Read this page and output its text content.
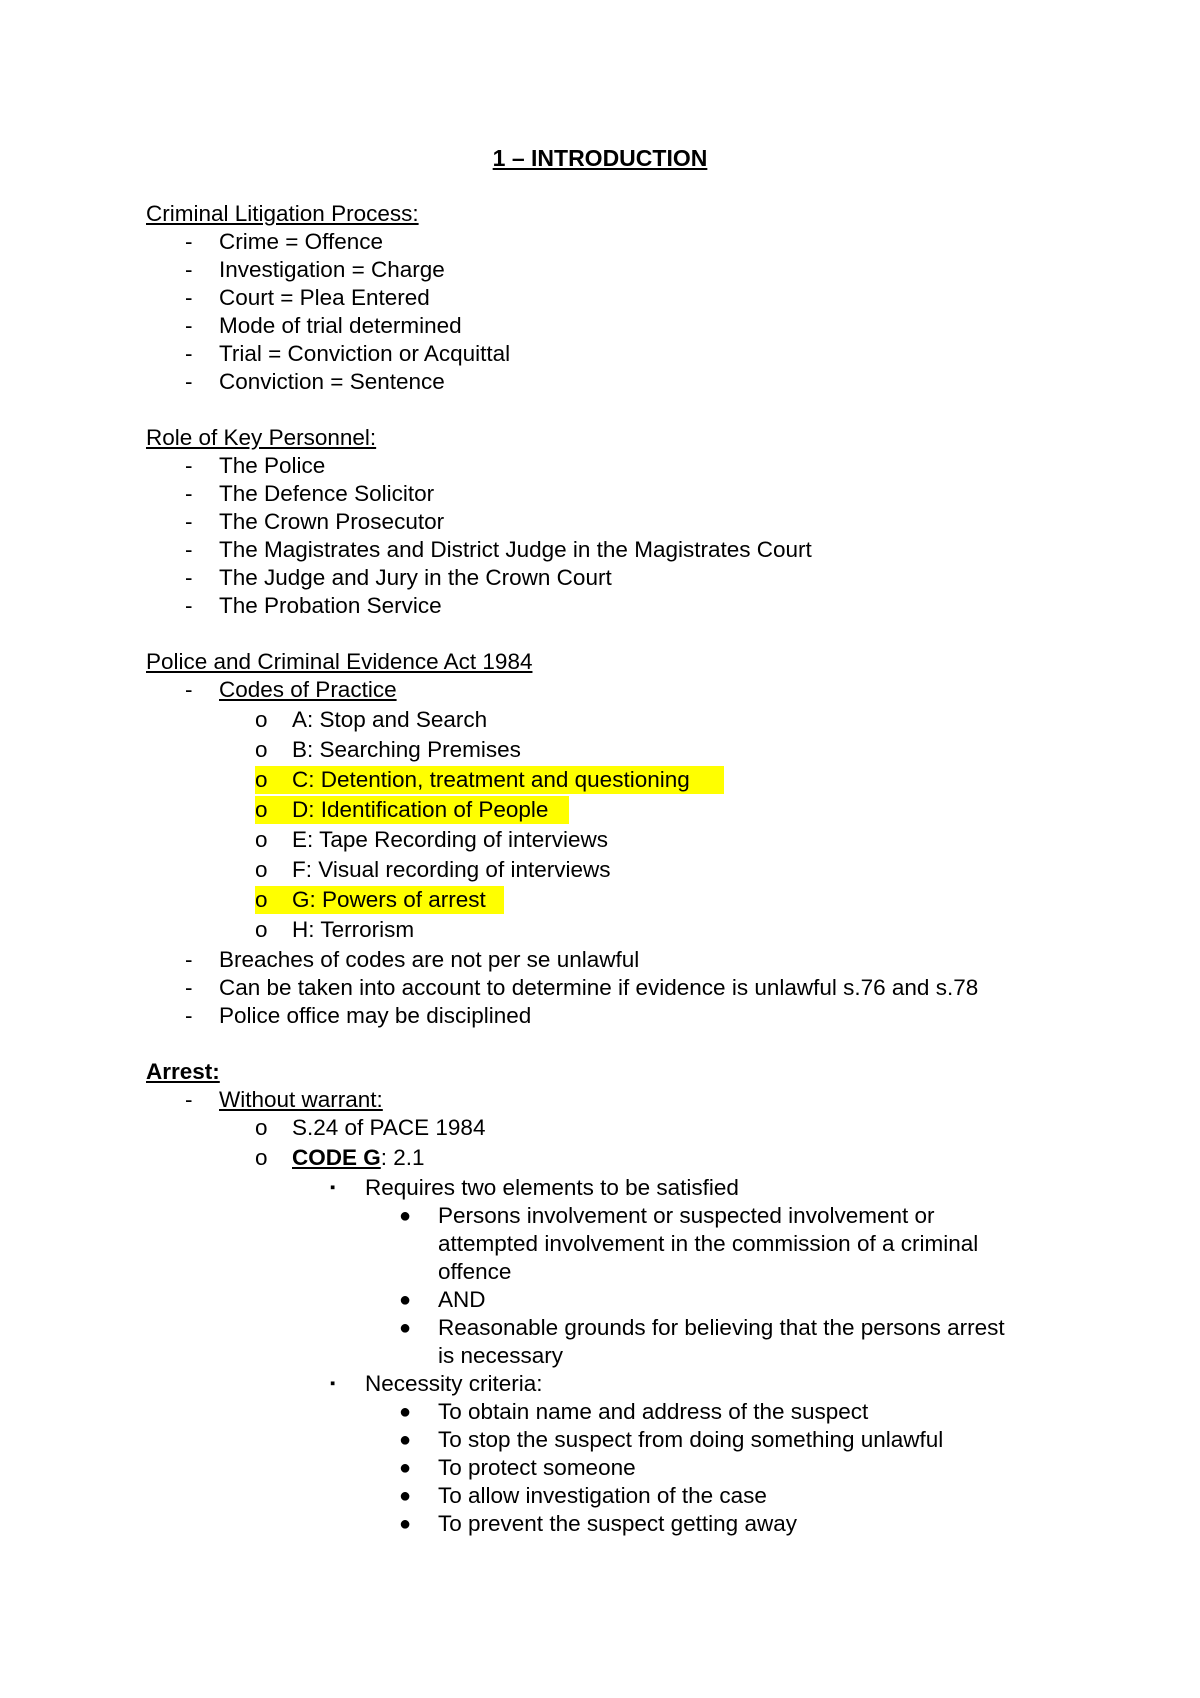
1 – INTRODUCTION
Criminal Litigation Process:
- Crime = Offence
- Investigation = Charge
- Court = Plea Entered
- Mode of trial determined
- Trial = Conviction or Acquittal
- Conviction = Sentence
Role of Key Personnel:
- The Police
- The Defence Solicitor
- The Crown Prosecutor
- The Magistrates and District Judge in the Magistrates Court
- The Judge and Jury in the Crown Court
- The Probation Service
Police and Criminal Evidence Act 1984
- Codes of Practice
o A: Stop and Search
o B: Searching Premises
o C: Detention, treatment and questioning
o D: Identification of People
o E: Tape Recording of interviews
o F: Visual recording of interviews
o G: Powers of arrest
o H: Terrorism
- Breaches of codes are not per se unlawful
- Can be taken into account to determine if evidence is unlawful s.76 and s.78
- Police office may be disciplined
Arrest:
- Without warrant:
o S.24 of PACE 1984
o CODE G: 2.1
▪ Requires two elements to be satisfied
● Persons involvement or suspected involvement or
attempted involvement in the commission of a criminal
offence
● AND
● Reasonable grounds for believing that the persons arrest
is necessary
▪ Necessity criteria:
● To obtain name and address of the suspect
● To stop the suspect from doing something unlawful
● To protect someone
● To allow investigation of the case
● To prevent the suspect getting away
